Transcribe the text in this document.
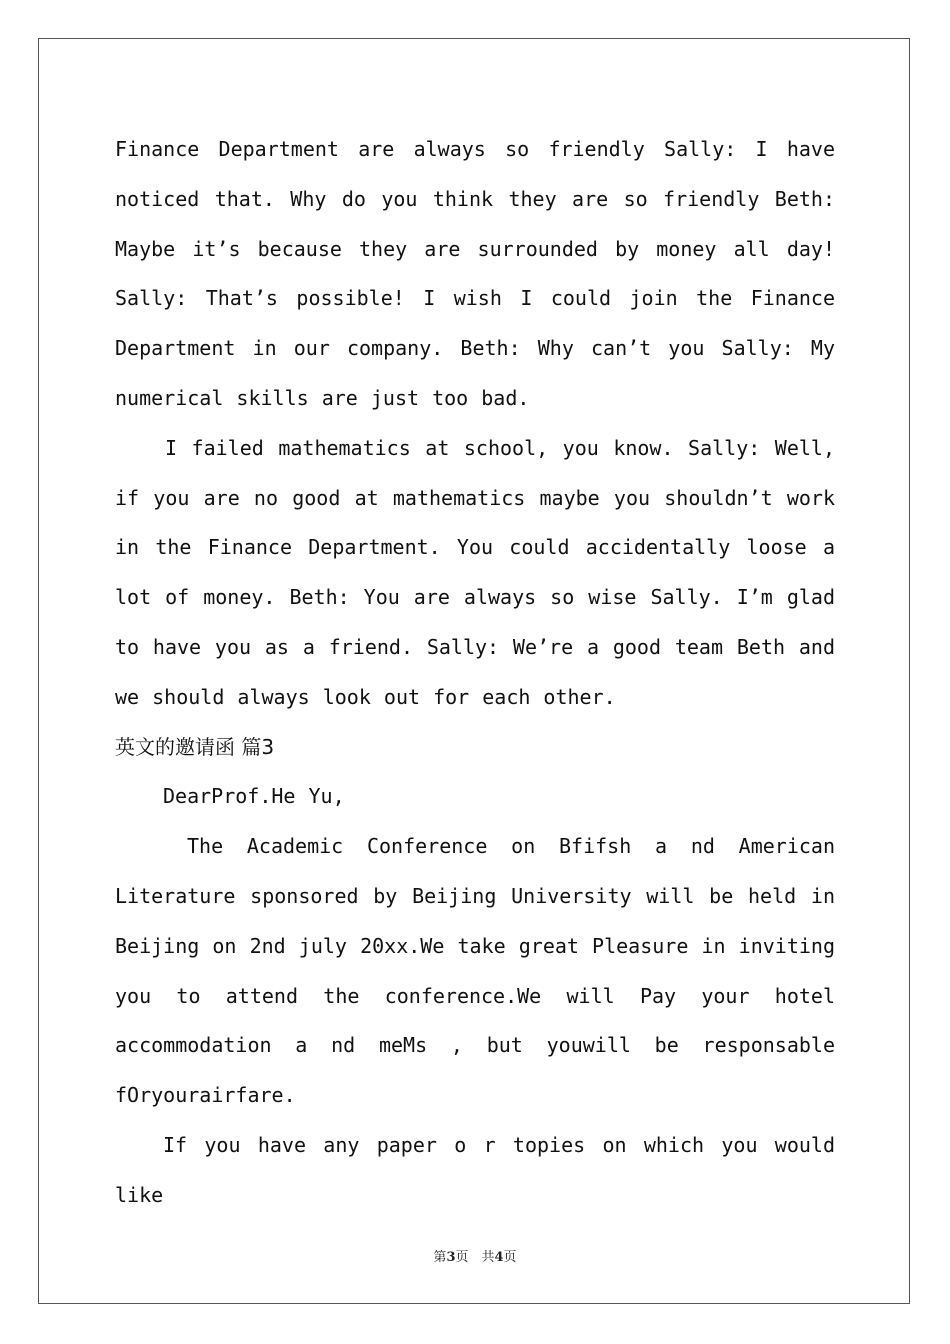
Finance Department are always so friendly Sally: I have noticed that. Why do you think they are so friendly Beth: Maybe it’s because they are surrounded by money all day! Sally: That’s possible! I wish I could join the Finance Department in our company. Beth: Why can’t you Sally: My numerical skills are just too bad.

I failed mathematics at school, you know. Sally: Well, if you are no good at mathematics maybe you shouldn’t work in the Finance Department. You could accidentally loose a lot of money. Beth: You are always so wise Sally. I’m glad to have you as a friend. Sally: We’re a good team Beth and we should always look out for each other.

英文的邀请函 篇3

DearProf.He Yu,

The Academic Conference on Bfifsh a nd American Literature sponsored by Beijing University will be held in Beijing on 2nd july 20xx.We take great Pleasure in inviting you to attend the conference.We will Pay your hotel accommodation a nd meMs , but youwill be responsable fOryourairfare.

If you have any paper o r topies on which you would like

第3页　共4页
